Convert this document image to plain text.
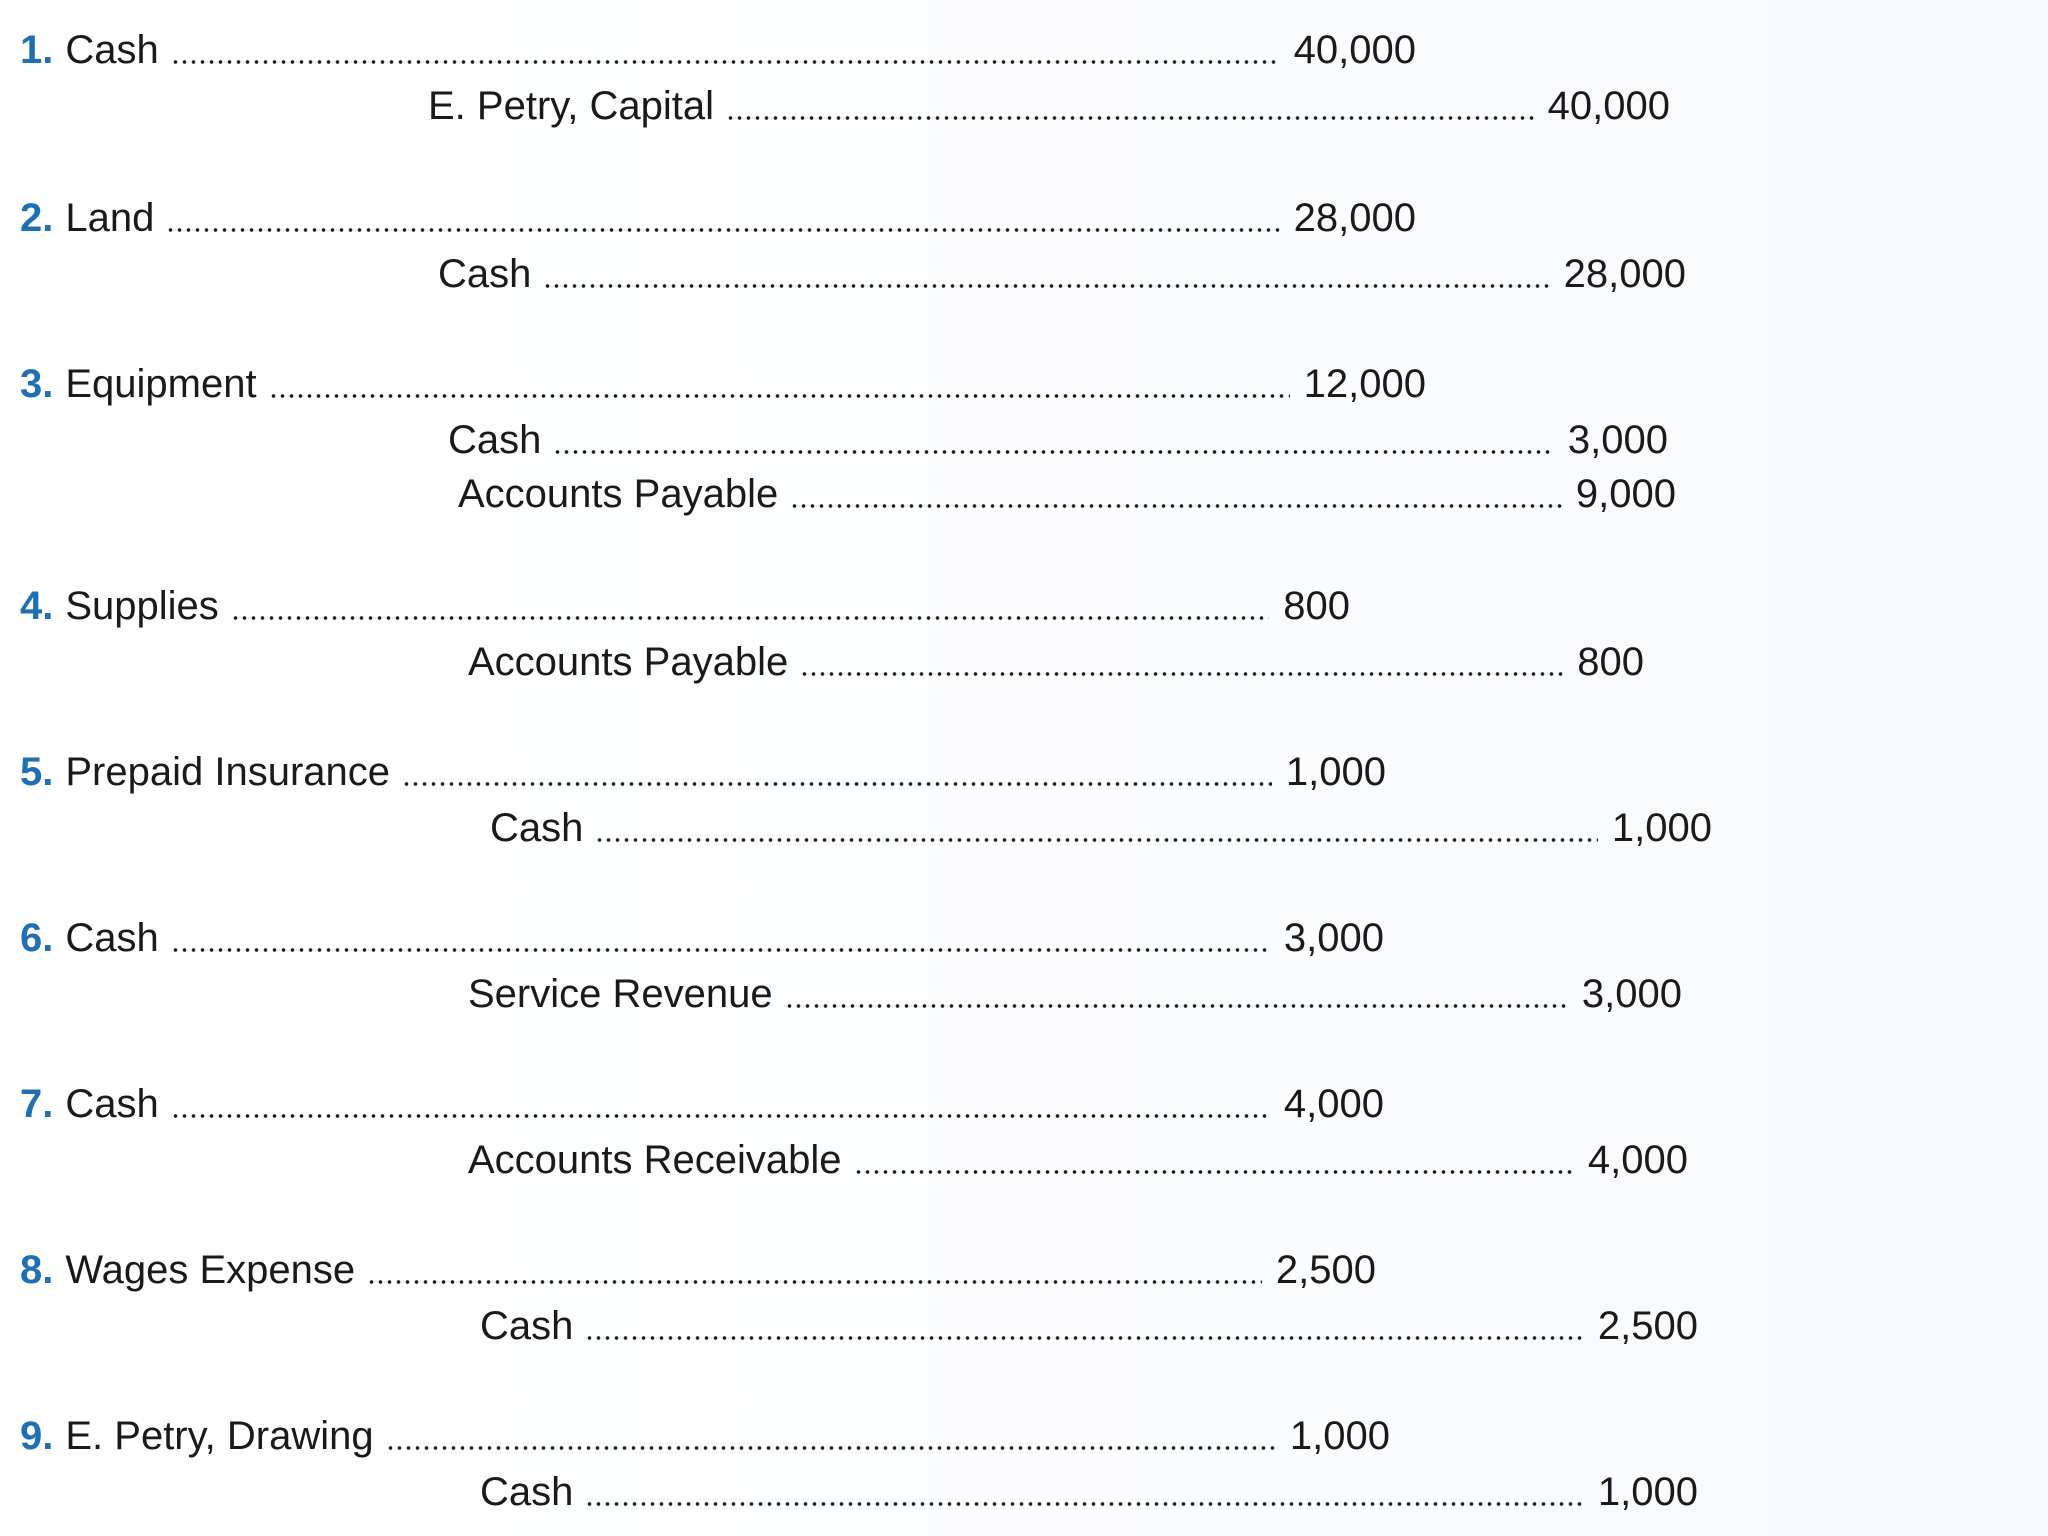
1. Cash	40,000
E. Petry, Capital	40,000
2. Land	28,000
Cash	28,000
3. Equipment	12,000
Cash	3,000
Accounts Payable	9,000
4. Supplies	800
Accounts Payable	800
5. Prepaid Insurance	1,000
Cash	1,000
6. Cash	3,000
Service Revenue	3,000
7. Cash	4,000
Accounts Receivable	4,000
8. Wages Expense	2,500
Cash	2,500
9. E. Petry, Drawing	1,000
Cash	1,000
